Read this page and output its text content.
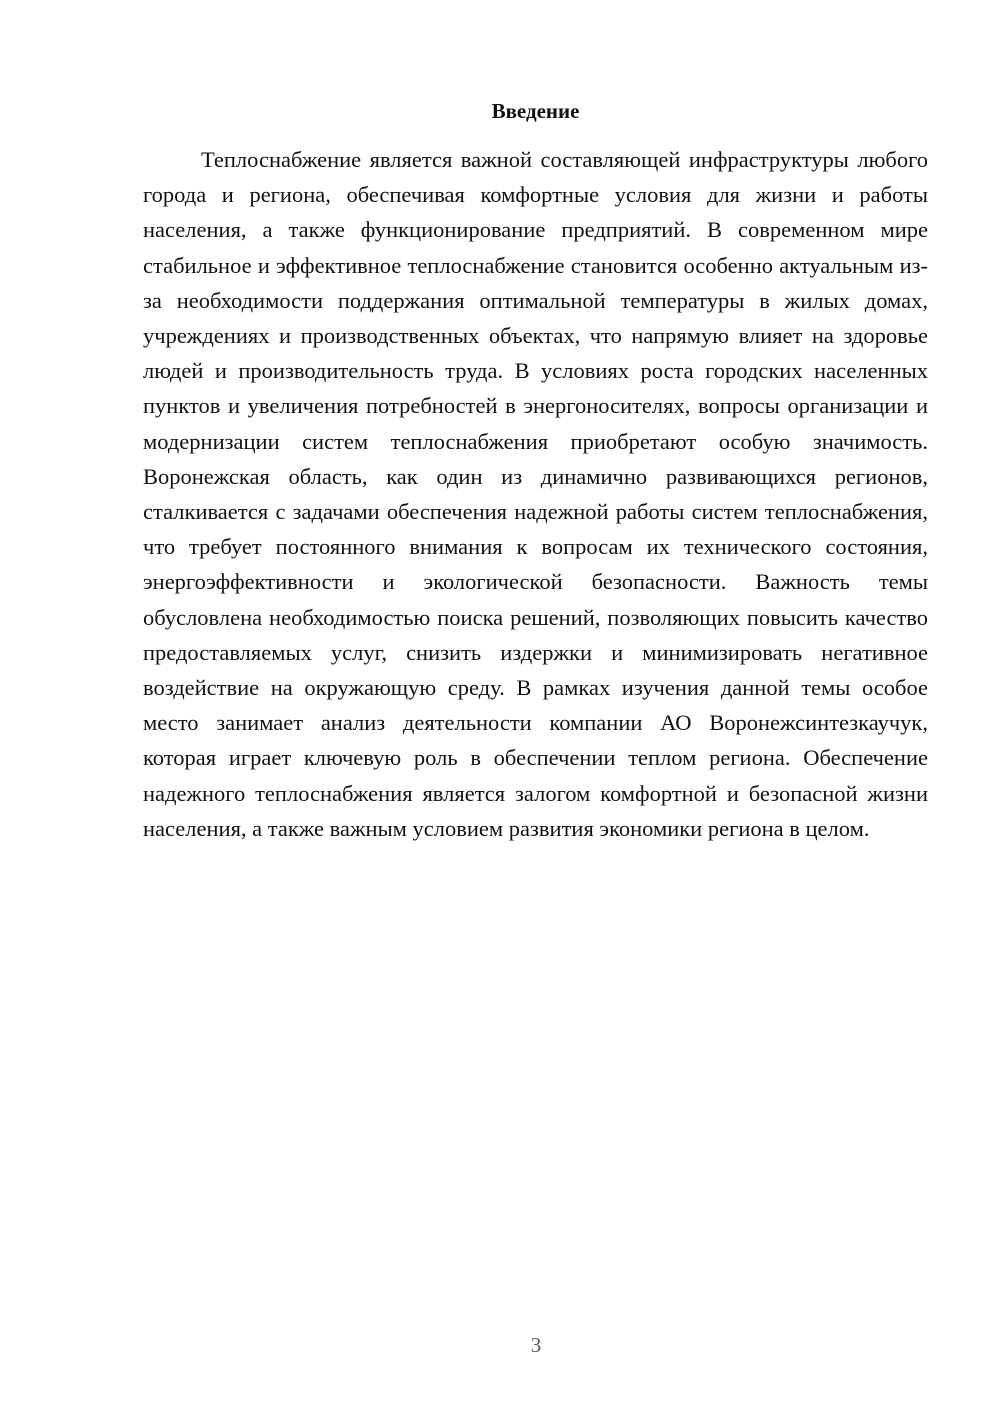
Введение

Теплоснабжение является важной составляющей инфраструктуры любого города и региона, обеспечивая комфортные условия для жизни и работы населения, а также функционирование предприятий. В современном мире стабильное и эффективное теплоснабжение становится особенно актуальным из-за необходимости поддержания оптимальной температуры в жилых домах, учреждениях и производственных объектах, что напрямую влияет на здоровье людей и производительность труда. В условиях роста городских населенных пунктов и увеличения потребностей в энергоносителях, вопросы организации и модернизации систем теплоснабжения приобретают особую значимость. Воронежская область, как один из динамично развивающихся регионов, сталкивается с задачами обеспечения надежной работы систем теплоснабжения, что требует постоянного внимания к вопросам их технического состояния, энергоэффективности и экологической безопасности. Важность темы обусловлена необходимостью поиска решений, позволяющих повысить качество предоставляемых услуг, снизить издержки и минимизировать негативное воздействие на окружающую среду. В рамках изучения данной темы особое место занимает анализ деятельности компании АО Воронежсинтезкаучук, которая играет ключевую роль в обеспечении теплом региона. Обеспечение надежного теплоснабжения является залогом комфортной и безопасной жизни населения, а также важным условием развития экономики региона в целом.

3
